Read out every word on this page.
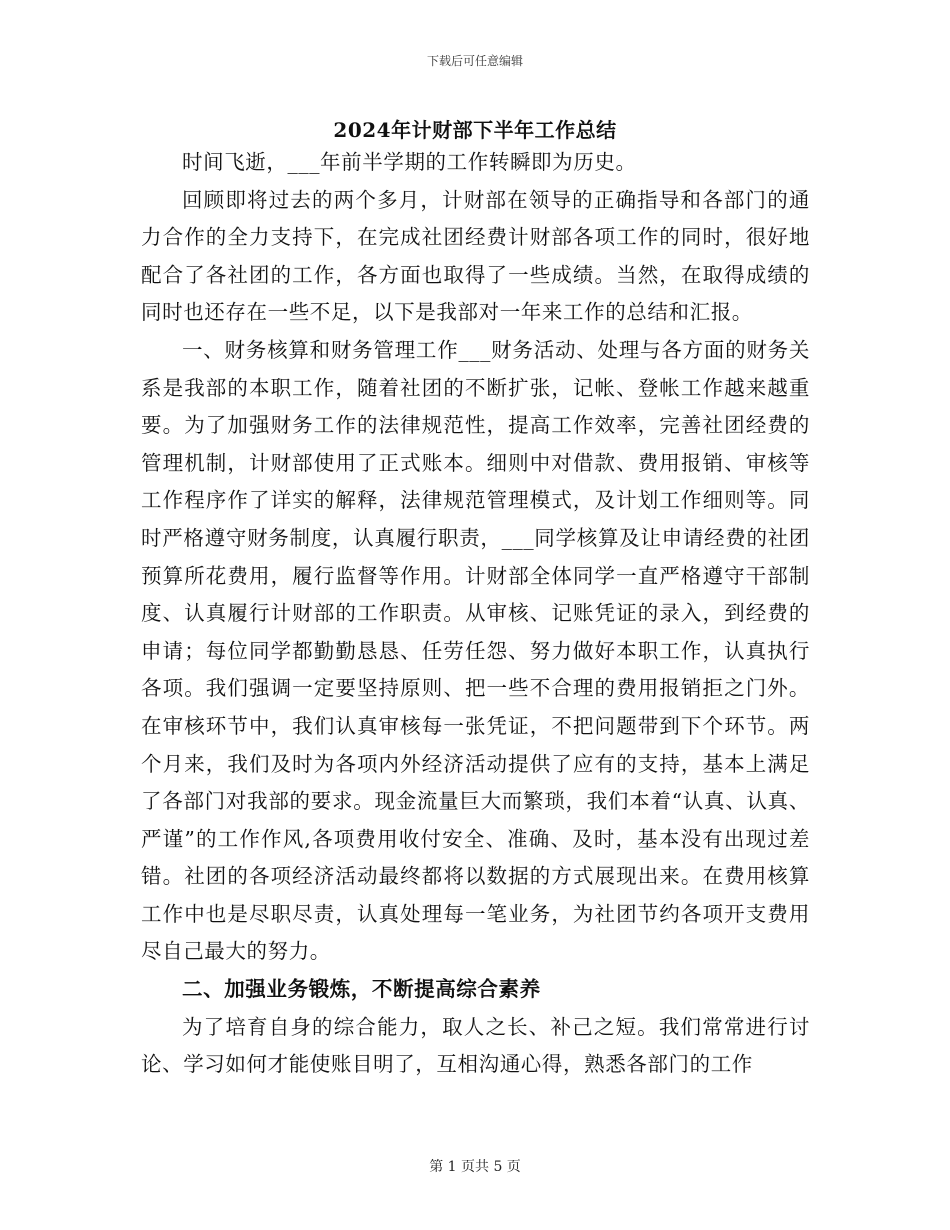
下载后可任意编辑
2024年计财部下半年工作总结

时间飞逝，___年前半学期的工作转瞬即为历史。

回顾即将过去的两个多月，计财部在领导的正确指导和各部门的通力合作的全力支持下，在完成社团经费计财部各项工作的同时，很好地配合了各社团的工作，各方面也取得了一些成绩。当然，在取得成绩的同时也还存在一些不足，以下是我部对一年来工作的总结和汇报。

一、财务核算和财务管理工作___财务活动、处理与各方面的财务关系是我部的本职工作，随着社团的不断扩张，记帐、登帐工作越来越重要。为了加强财务工作的法律规范性，提高工作效率，完善社团经费的管理机制，计财部使用了正式账本。细则中对借款、费用报销、审核等工作程序作了详实的解释，法律规范管理模式，及计划工作细则等。同时严格遵守财务制度，认真履行职责，___同学核算及让申请经费的社团预算所花费用，履行监督等作用。计财部全体同学一直严格遵守干部制度、认真履行计财部的工作职责。从审核、记账凭证的录入，到经费的申请；每位同学都勤勤恳恳、任劳任怨、努力做好本职工作，认真执行各项。我们强调一定要坚持原则、把一些不合理的费用报销拒之门外。在审核环节中，我们认真审核每一张凭证，不把问题带到下个环节。两个月来，我们及时为各项内外经济活动提供了应有的支持，基本上满足了各部门对我部的要求。现金流量巨大而繁琐，我们本着“认真、认真、严谨”的工作作风,各项费用收付安全、准确、及时，基本没有出现过差错。社团的各项经济活动最终都将以数据的方式展现出来。在费用核算工作中也是尽职尽责，认真处理每一笔业务，为社团节约各项开支费用尽自己最大的努力。

二、加强业务锻炼，不断提高综合素养

为了培育自身的综合能力，取人之长、补己之短。我们常常进行讨论、学习如何才能使账目明了，互相沟通心得，熟悉各部门的工作

第 1 页共 5 页
